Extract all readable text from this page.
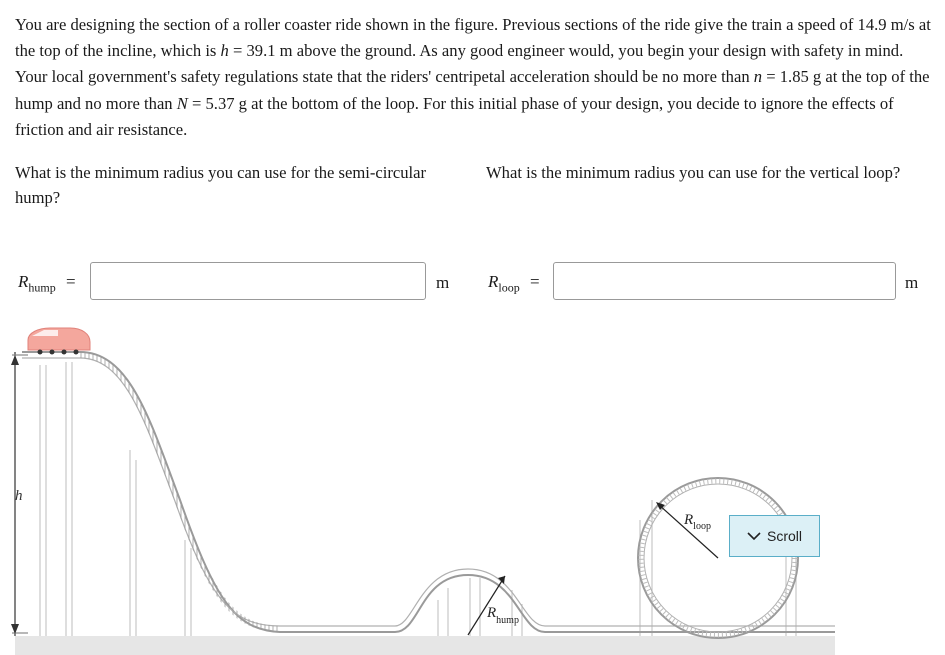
You are designing the section of a roller coaster ride shown in the figure. Previous sections of the ride give the train a speed of 14.9 m/s at the top of the incline, which is h = 39.1 m above the ground. As any good engineer would, you begin your design with safety in mind. Your local government's safety regulations state that the riders' centripetal acceleration should be no more than n = 1.85 g at the top of the hump and no more than N = 5.37 g at the bottom of the loop. For this initial phase of your design, you decide to ignore the effects of friction and air resistance.

What is the minimum radius you can use for the semi-circular hump?

What is the minimum radius you can use for the vertical loop?

$R_{hump}$ =	m $R_{loop}$ =	m
h
$R_{hump}$
$R_{loop}$
Scroll
